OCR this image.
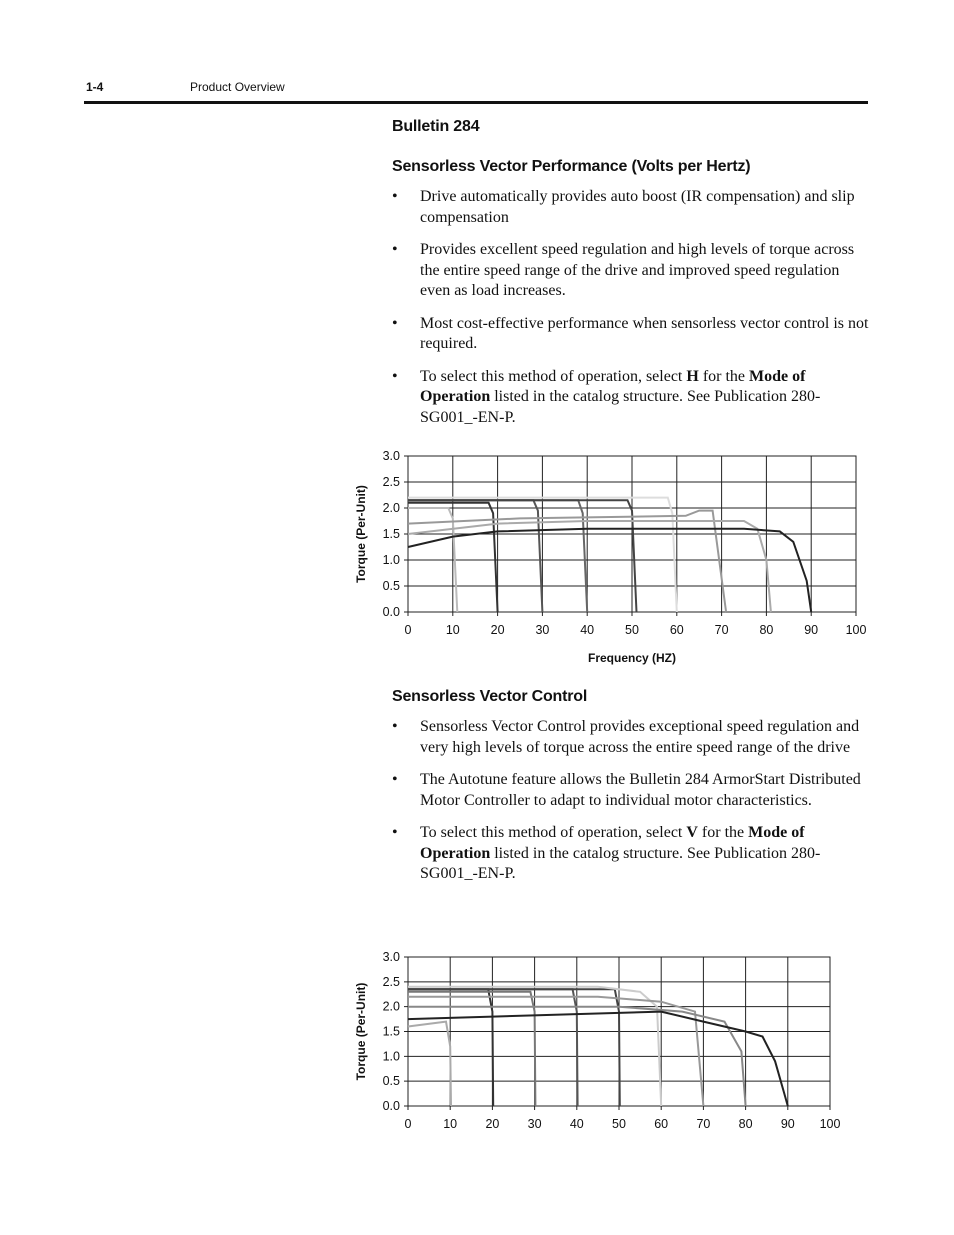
1-4	Product Overview

Bulletin 284

Sensorless Vector Performance (Volts per Hertz)

• Drive automatically provides auto boost (IR compensation) and slip compensation
• Provides excellent speed regulation and high levels of torque across the entire speed range of the drive and improved speed regulation even as load increases.
• Most cost-effective performance when sensorless vector control is not required.
• To select this method of operation, select H for the Mode of Operation listed in the catalog structure. See Publication 280-SG001_-EN-P.
0	10 20 30 40 50 60 70 80 90 100
0.0
0.5
1.0
1.5
2.0
2.5
3.0
Torque (Per-Unit)
Frequency (HZ)

Sensorless Vector Control

• Sensorless Vector Control provides exceptional speed regulation and very high levels of torque across the entire speed range of the drive
• The Autotune feature allows the Bulletin 284 ArmorStart Distributed Motor Controller to adapt to individual motor characteristics.
• To select this method of operation, select V for the Mode of Operation listed in the catalog structure. See Publication 280-SG001_-EN-P.
0	10 20 30 40 50 60 70 80 90 100
0.0
0.5
1.0
1.5
2.0
2.5
3.0
Torque (Per-Unit)
